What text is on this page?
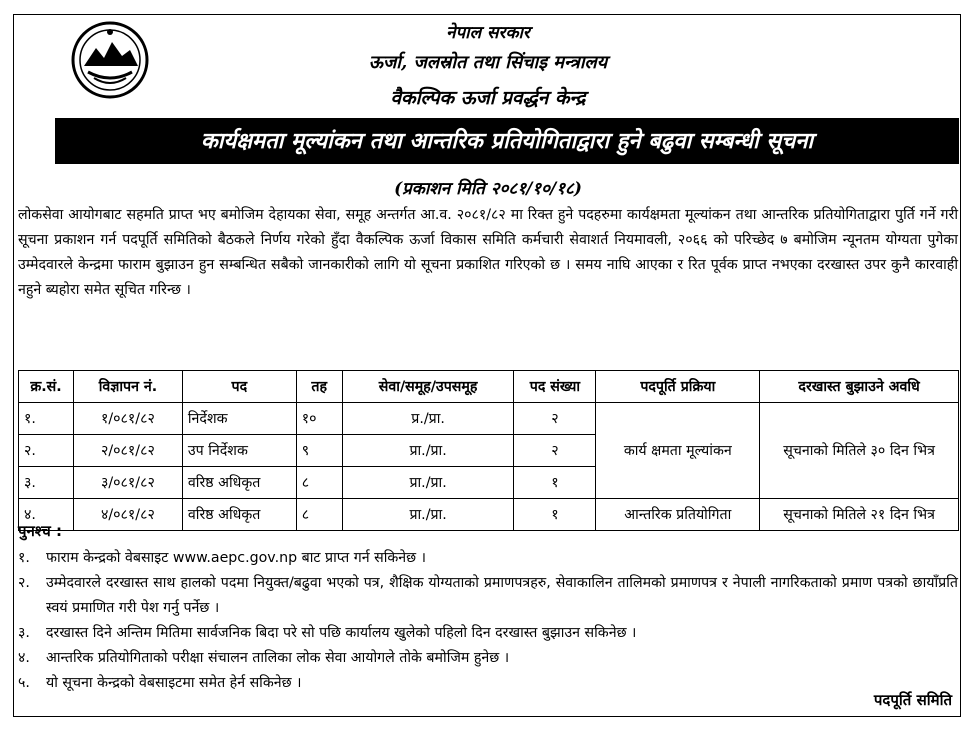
नेपाल सरकार
ऊर्जा, जलस्रोत तथा सिंचाइ मन्त्रालय
वैकल्पिक ऊर्जा प्रवर्द्धन केन्द्र
कार्यक्षमता मूल्यांकन तथा आन्तरिक प्रतियोगिताद्वारा हुने बढुवा सम्बन्धी सूचना
(प्रकाशन मिति २०८१/१०/१८)
लोकसेवा आयोगबाट सहमति प्राप्त भए बमोजिम देहायका सेवा, समूह अन्तर्गत आ.व. २०८१/८२ मा रिक्त हुने पदहरुमा कार्यक्षमता मूल्यांकन तथा आन्तरिक प्रतियोगिताद्वारा पुर्ति गर्ने गरी सूचना प्रकाशन गर्न पदपूर्ति समितिको बैठकले निर्णय गरेको हुँदा वैकल्पिक ऊर्जा विकास समिति कर्मचारी सेवाशर्त नियमावली, २०६६ को परिच्छेद ७ बमोजिम न्यूनतम योग्यता पुगेका उम्मेदवारले केन्द्रमा फाराम बुझाउन हुन सम्बन्धित सबैको जानकारीको लागि यो सूचना प्रकाशित गरिएको छ । समय नाघि आएका र रित पूर्वक प्राप्त नभएका दरखास्त उपर कुनै कारवाही नहुने ब्यहोरा समेत सूचित गरिन्छ ।
क्र.सं.	विज्ञापन नं.	पद	तह	सेवा/समूह/उपसमूह	पद संख्या	पदपूर्ति प्रक्रिया	दरखास्त बुझाउने अवधि
१.	१/०८१/८२	निर्देशक	१०	प्र./प्रा.	२	कार्य क्षमता मूल्यांकन	सूचनाको मितिले ३० दिन भित्र
२.	२/०८१/८२	उप निर्देशक	९	प्रा./प्रा.	२		
३.	३/०८१/८२	वरिष्ठ अधिकृत	८	प्रा./प्रा.	१		
४.	४/०८१/८२	वरिष्ठ अधिकृत	८	प्रा./प्रा.	१	आन्तरिक प्रतियोगिता	सूचनाको मितिले २१ दिन भित्र
पुनश्च :
१.	फाराम केन्द्रको वेबसाइट www.aepc.gov.np बाट प्राप्त गर्न सकिनेछ ।
२.	उम्मेदवारले दरखास्त साथ हालको पदमा नियुक्त/बढुवा भएको पत्र, शैक्षिक योग्यताको प्रमाणपत्रहरु, सेवाकालिन तालिमको प्रमाणपत्र र नेपाली नागरिकताको प्रमाण पत्रको छायाँप्रति स्वयं प्रमाणित गरी पेश गर्नु पर्नेछ ।
३.	दरखास्त दिने अन्तिम मितिमा सार्वजनिक बिदा परे सो पछि कार्यालय खुलेको पहिलो दिन दरखास्त बुझाउन सकिनेछ ।
४.	आन्तरिक प्रतियोगिताको परीक्षा संचालन तालिका लोक सेवा आयोगले तोके बमोजिम हुनेछ ।
५.	यो सूचना केन्द्रको वेबसाइटमा समेत हेर्न सकिनेछ ।
पदपूर्ति समिति
